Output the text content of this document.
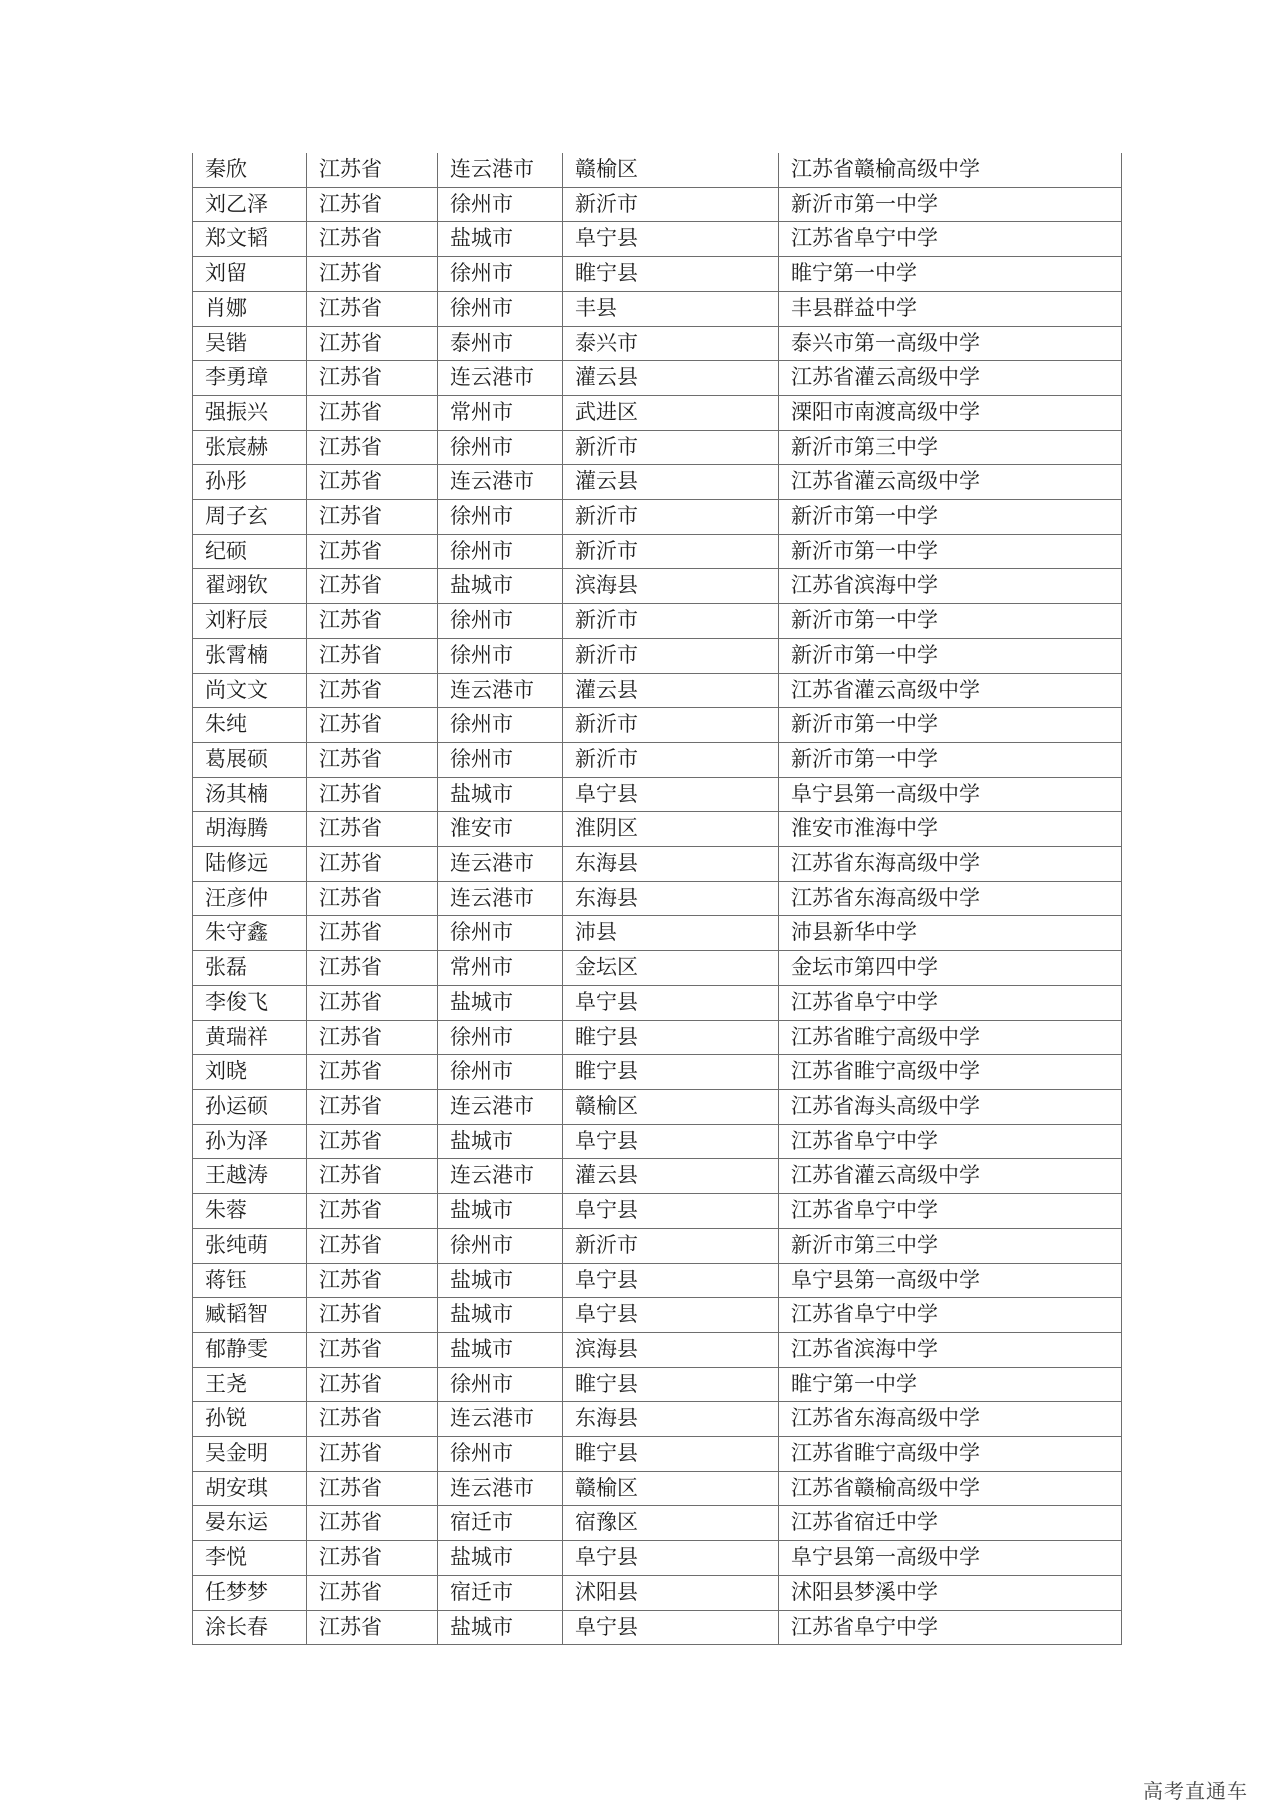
秦欣	江苏省	连云港市	赣榆区	江苏省赣榆高级中学
刘乙泽	江苏省	徐州市	新沂市	新沂市第一中学
郑文韬	江苏省	盐城市	阜宁县	江苏省阜宁中学
刘留	江苏省	徐州市	睢宁县	睢宁第一中学
肖娜	江苏省	徐州市	丰县	丰县群益中学
吴锴	江苏省	泰州市	泰兴市	泰兴市第一高级中学
李勇璋	江苏省	连云港市	灌云县	江苏省灌云高级中学
强振兴	江苏省	常州市	武进区	溧阳市南渡高级中学
张宸赫	江苏省	徐州市	新沂市	新沂市第三中学
孙彤	江苏省	连云港市	灌云县	江苏省灌云高级中学
周子玄	江苏省	徐州市	新沂市	新沂市第一中学
纪硕	江苏省	徐州市	新沂市	新沂市第一中学
翟翊钦	江苏省	盐城市	滨海县	江苏省滨海中学
刘籽辰	江苏省	徐州市	新沂市	新沂市第一中学
张霄楠	江苏省	徐州市	新沂市	新沂市第一中学
尚文文	江苏省	连云港市	灌云县	江苏省灌云高级中学
朱纯	江苏省	徐州市	新沂市	新沂市第一中学
葛展硕	江苏省	徐州市	新沂市	新沂市第一中学
汤其楠	江苏省	盐城市	阜宁县	阜宁县第一高级中学
胡海腾	江苏省	淮安市	淮阴区	淮安市淮海中学
陆修远	江苏省	连云港市	东海县	江苏省东海高级中学
汪彦仲	江苏省	连云港市	东海县	江苏省东海高级中学
朱守鑫	江苏省	徐州市	沛县	沛县新华中学
张磊	江苏省	常州市	金坛区	金坛市第四中学
李俊飞	江苏省	盐城市	阜宁县	江苏省阜宁中学
黄瑞祥	江苏省	徐州市	睢宁县	江苏省睢宁高级中学
刘晓	江苏省	徐州市	睢宁县	江苏省睢宁高级中学
孙运硕	江苏省	连云港市	赣榆区	江苏省海头高级中学
孙为泽	江苏省	盐城市	阜宁县	江苏省阜宁中学
王越涛	江苏省	连云港市	灌云县	江苏省灌云高级中学
朱蓉	江苏省	盐城市	阜宁县	江苏省阜宁中学
张纯萌	江苏省	徐州市	新沂市	新沂市第三中学
蒋钰	江苏省	盐城市	阜宁县	阜宁县第一高级中学
臧韬智	江苏省	盐城市	阜宁县	江苏省阜宁中学
郁静雯	江苏省	盐城市	滨海县	江苏省滨海中学
王尧	江苏省	徐州市	睢宁县	睢宁第一中学
孙锐	江苏省	连云港市	东海县	江苏省东海高级中学
吴金明	江苏省	徐州市	睢宁县	江苏省睢宁高级中学
胡安琪	江苏省	连云港市	赣榆区	江苏省赣榆高级中学
晏东运	江苏省	宿迁市	宿豫区	江苏省宿迁中学
李悦	江苏省	盐城市	阜宁县	阜宁县第一高级中学
任梦梦	江苏省	宿迁市	沭阳县	沭阳县梦溪中学
涂长春	江苏省	盐城市	阜宁县	江苏省阜宁中学
高考直通车
